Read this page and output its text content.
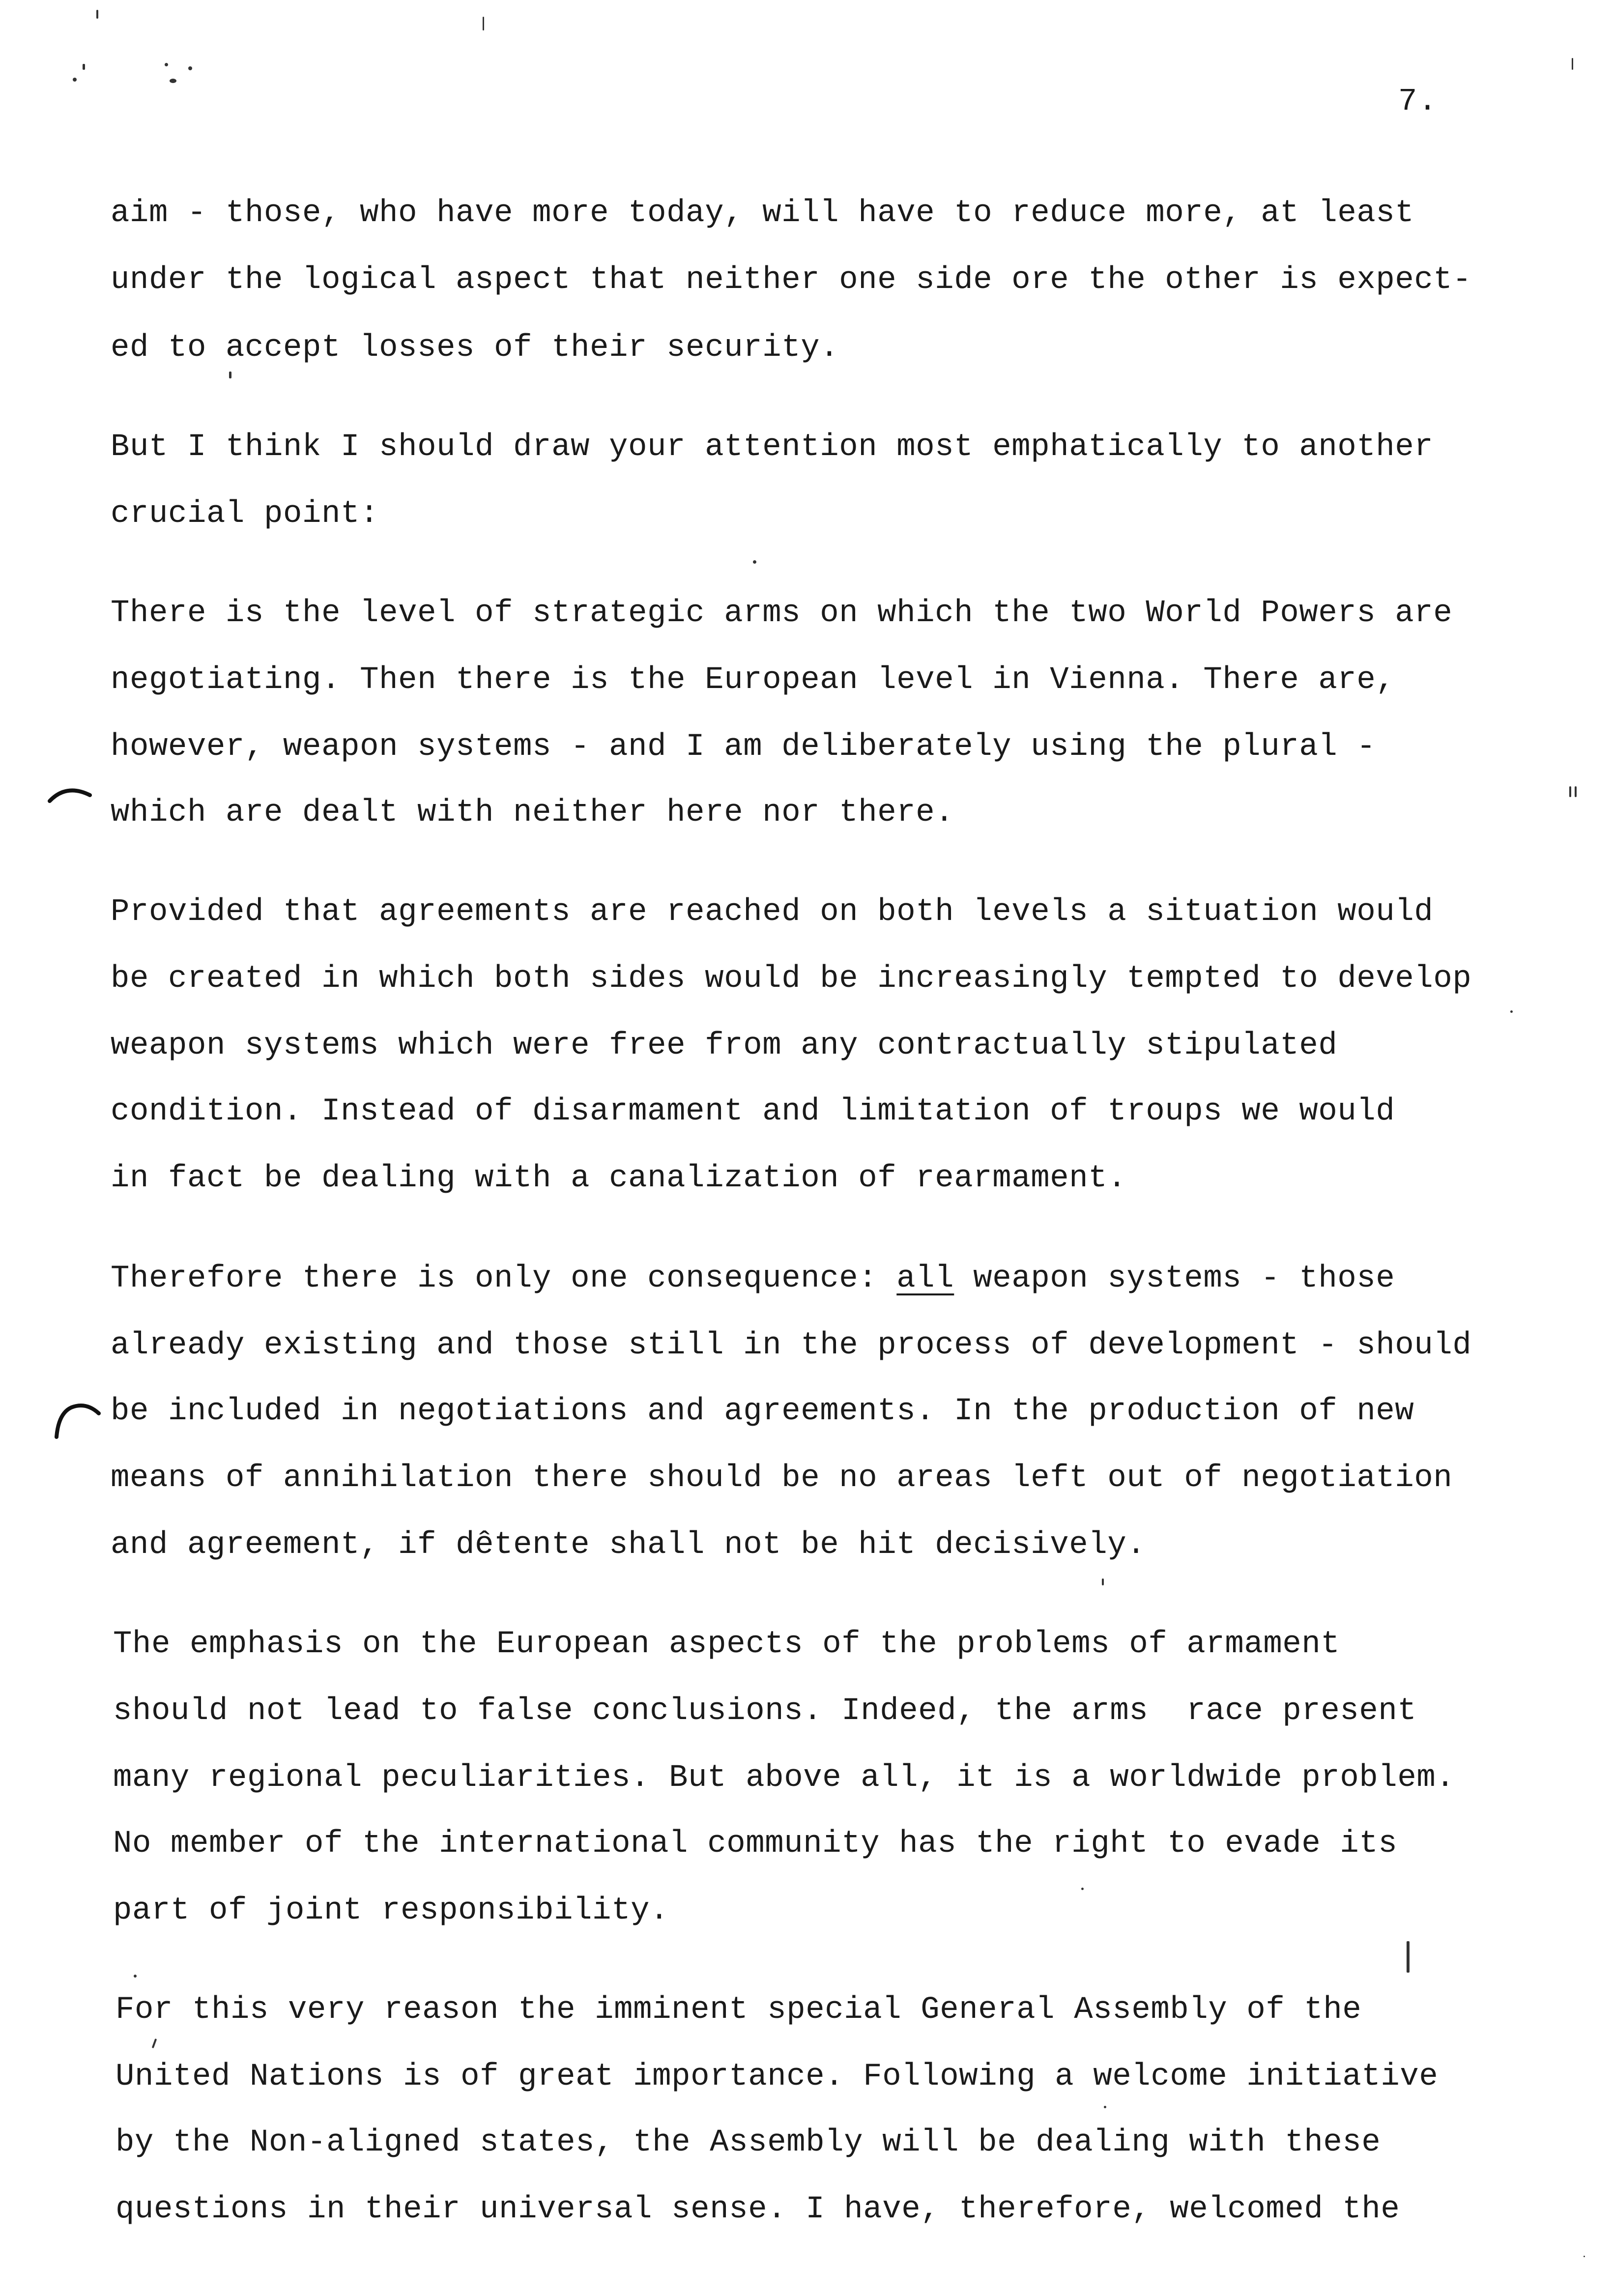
7.
aim - those, who have more today, will have to reduce more, at least
under the logical aspect that neither one side ore the other is expect-
ed to accept losses of their security.
But I think I should draw your attention most emphatically to another
crucial point:
There is the level of strategic arms on which the two World Powers are
negotiating. Then there is the European level in Vienna. There are,
however, weapon systems - and I am deliberately using the plural -
which are dealt with neither here nor there.
Provided that agreements are reached on both levels a situation would
be created in which both sides would be increasingly tempted to develop
weapon systems which were free from any contractually stipulated
condition. Instead of disarmament and limitation of troups we would
in fact be dealing with a canalization of rearmament.
Therefore there is only one consequence: all weapon systems - those
already existing and those still in the process of development - should
be included in negotiations and agreements. In the production of new
means of annihilation there should be no areas left out of negotiation
and agreement, if dêtente shall not be hit decisively.
The emphasis on the European aspects of the problems of armament
should not lead to false conclusions. Indeed, the arms  race present
many regional peculiarities. But above all, it is a worldwide problem.
No member of the international community has the right to evade its
part of joint responsibility.
For this very reason the imminent special General Assembly of the
United Nations is of great importance. Following a welcome initiative
by the Non-aligned states, the Assembly will be dealing with these
questions in their universal sense. I have, therefore, welcomed the
